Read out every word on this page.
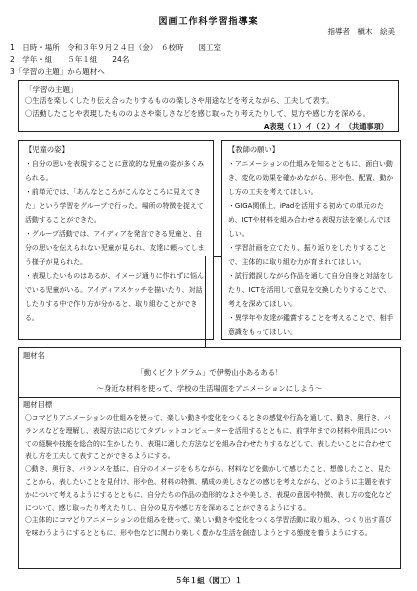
図画工作科学習指導案
指導者　槇木　絵美
1　日時・場所　令和３年９月２４日（金）　６校時　　図工室
2　学年・組　　５年１組　　24名
3「学習の主題」から題材へ
「学習の主題」
〇生活を楽しくしたり伝え合ったりするものの楽しさや用途などを考えながら、工夫して表す。
〇活動したことや表現したもののよさや楽しさなどを感じ取ったり考えたりして、見方や感じ方を深める。
A表現（１）イ（２）イ　（共通事項）
【児童の姿】

・自分の思いを表現することに意欲的な児童の姿が多くみられる。

・前単元では、「あんなところがこんなところに見えてきた」という学習をグループで行った。場所の特徴を捉えて活動することができた。

・グループ活動では、アイディアを発言できる児童と、自分の思いを伝えられない児童が見られ、友達に頼ってしまう様子が見られた。

・表現したいものはあるが、イメージ通りに作れずに悩んでいる児童がいる。アイディアスケッチを描いたり、対話したりする中で作り方が分かると、取り組むことができる。

【教師の願い】

・アニメーションの仕組みを知るとともに、面白い動き、変化の効果を確かめながら、形や色、配置、動かし方の工夫を考えてほしい。

・GIGA関係上、iPadを活用する初めての単元のため、ICTや材料を組み合わせる表現方法を楽しんでほしい。

・学習計画を立てたり、振り返りをしたりすることで、主体的に取り組む力が育まれてほしい。

・試行錯誤しながら作品を通して自分自身と対話をしたり、ICTを活用して意見を交換したりすることで、考えを深めてほしい。

・異学年や友達が鑑賞することを考えることで、相手意識をもってほしい。

題材名
「動くピクトグラム」で伊勢山小あるある！
～身近な材料を使って、学校の生活場面をアニメーションにしよう～
題材目標

〇コマどりアニメーションの仕組みを使って、楽しい動きや変化をつくるときの感覚や行為を通して、動き、奥行き、バランスなどを理解し、表現方法に応じてタブレットコンピューターを活用するとともに、前学年までの材料や用具についての経験や技能を総合的に生かしたり、表現に適した方法などを組み合わせたりするなどして、表したいことに合わせて表し方を工夫して表すことができるようにする。

〇動き、奥行き、バランスを基に、自分のイメージをもちながら、材料などを動かして感じたこと、想像したこと、見たことから、表したいことを見付け、形や色、材料の特徴、構成の美しさなどの感じを考えながら、どのように主題を表すかについて考えるようにするとともに、自分たちの作品の造形的なよさや美しさ、表現の意図や特徴、表し方の変化などについて、感じ取ったり考えたりし、自分の見方や感じ方を深めることができるようにする。

〇主体的にコマどりアニメーションの仕組みを使って、楽しい動きや変化をつくる学習活動に取り組み、つくり出す喜びを味わうようにするとともに、形や色などに関わり楽しく豊かな生活を創造しようとする態度を養うようにする。

５年１組（図工）１
